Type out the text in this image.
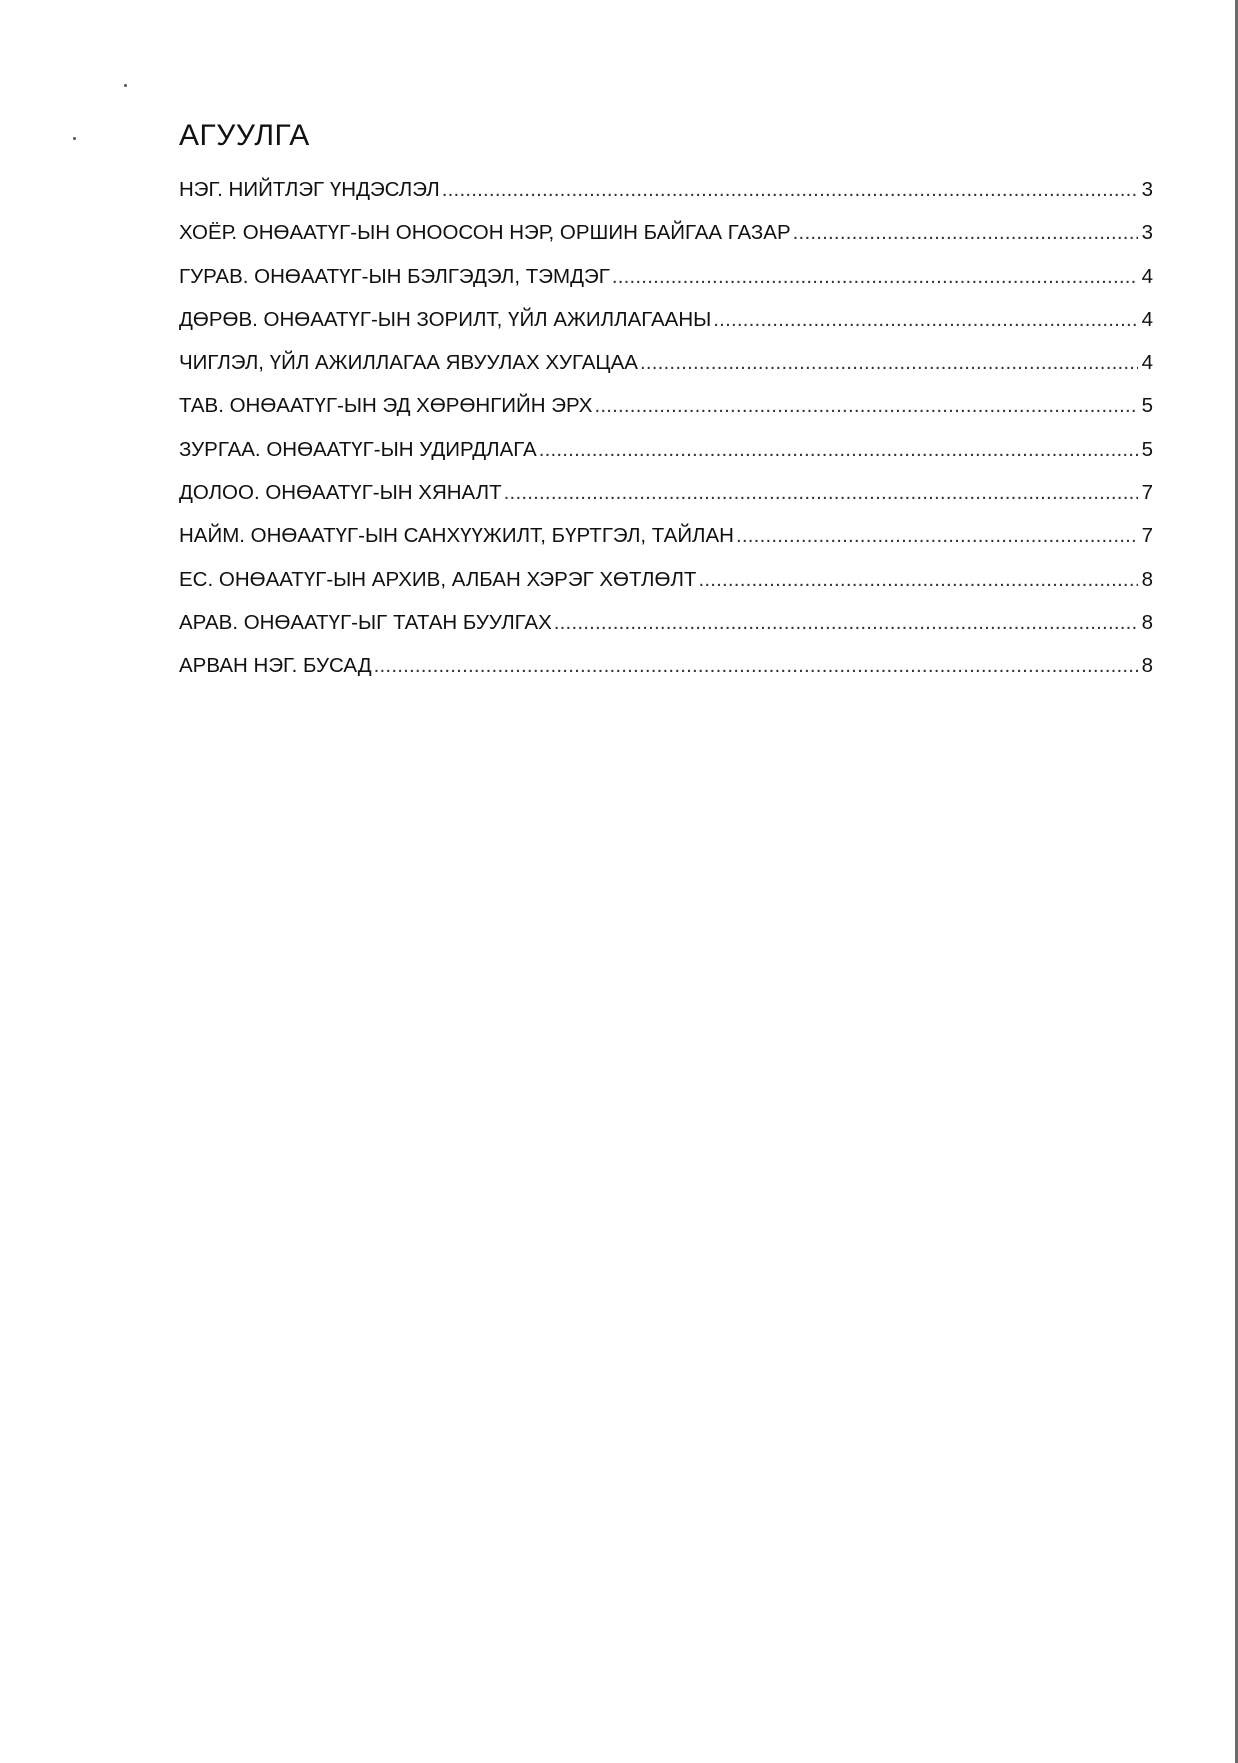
АГУУЛГА
НЭГ. НИЙТЛЭГ ҮНДЭСЛЭЛ .....	3
ХОЁР. ОНӨААТҮГ-ЫН ОНООСОН НЭР, ОРШИН БАЙГАА ГАЗАР .....	3
ГУРАВ. ОНӨААТҮГ-ЫН БЭЛГЭДЭЛ, ТЭМДЭГ .....	4
ДӨРӨВ. ОНӨААТҮГ-ЫН ЗОРИЛТ, ҮЙЛ АЖИЛЛАГААНЫ .....	4
ЧИГЛЭЛ, ҮЙЛ АЖИЛЛАГАА ЯВУУЛАХ ХУГАЦАА .....	4
ТАВ. ОНӨААТҮГ-ЫН ЭД ХӨРӨНГИЙН ЭРХ .....	5
ЗУРГАА. ОНӨААТҮГ-ЫН УДИРДЛАГА .....	5
ДОЛОО. ОНӨААТҮГ-ЫН ХЯНАЛТ .....	7
НАЙМ. ОНӨААТҮГ-ЫН САНХҮҮЖИЛТ, БҮРТГЭЛ, ТАЙЛАН .....	7
ЕС. ОНӨААТҮГ-ЫН АРХИВ, АЛБАН ХЭРЭГ ХӨТЛӨЛТ .....	8
АРАВ. ОНӨААТҮГ-ЫГ ТАТАН БУУЛГАХ .....	8
АРВАН НЭГ. БУСАД .....	8
